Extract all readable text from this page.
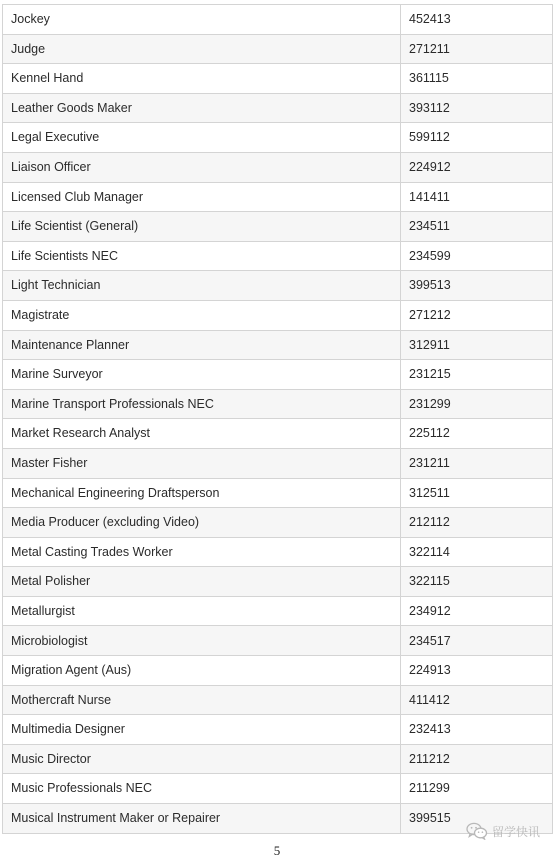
Jockey	452413
Judge	271211
Kennel Hand	361115
Leather Goods Maker	393112
Legal Executive	599112
Liaison Officer	224912
Licensed Club Manager	141411
Life Scientist (General)	234511
Life Scientists NEC	234599
Light Technician	399513
Magistrate	271212
Maintenance Planner	312911
Marine Surveyor	231215
Marine Transport Professionals NEC	231299
Market Research Analyst	225112
Master Fisher	231211
Mechanical Engineering Draftsperson	312511
Media Producer (excluding Video)	212112
Metal Casting Trades Worker	322114
Metal Polisher	322115
Metallurgist	234912
Microbiologist	234517
Migration Agent (Aus)	224913
Mothercraft Nurse	411412
Multimedia Designer	232413
Music Director	211212
Music Professionals NEC	211299
Musical Instrument Maker or Repairer	399515
5
留学快讯
